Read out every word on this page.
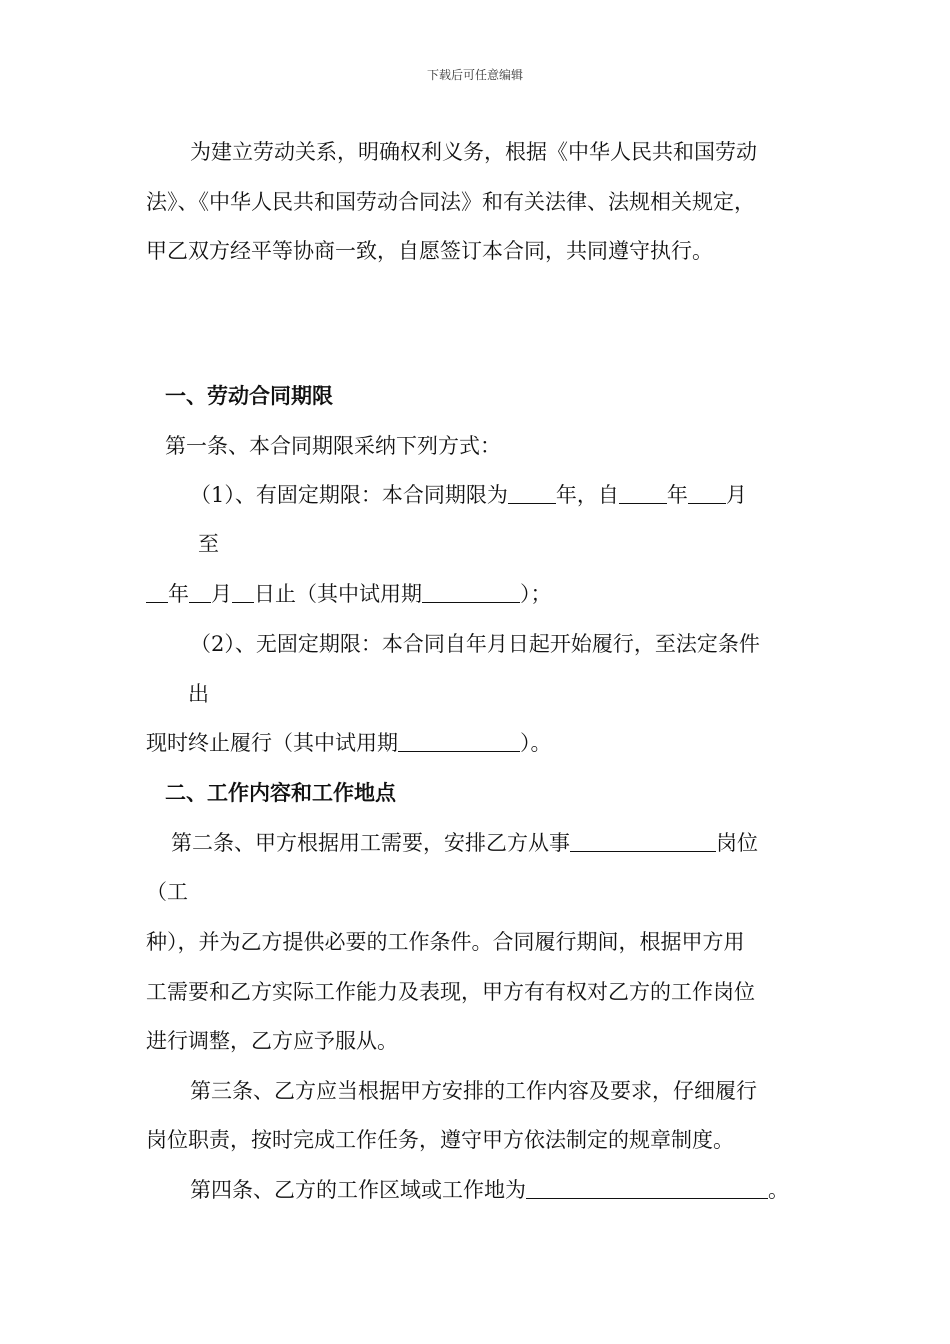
下载后可任意编辑
为建立劳动关系，明确权利义务，根据《中华人民共和国劳动
法》、《中华人民共和国劳动合同法》和有关法律、法规相关规定，
甲乙双方经平等协商一致，自愿签订本合同，共同遵守执行。
一、劳动合同期限
第一条、本合同期限采纳下列方式：
（1）、有固定期限：本合同期限为 年，自 年 月
至
年 月 日止（其中试用期	）；
（2）、无固定期限：本合同自年月日起开始履行，至法定条件
出
现时终止履行（其中试用期	）。
二、工作内容和工作地点
第二条、甲方根据用工需要，安排乙方从事	岗位
（工
种），并为乙方提供必要的工作条件。合同履行期间，根据甲方用
工需要和乙方实际工作能力及表现，甲方有有权对乙方的工作岗位
进行调整，乙方应予服从。
第三条、乙方应当根据甲方安排的工作内容及要求，仔细履行
岗位职责，按时完成工作任务，遵守甲方依法制定的规章制度。
第四条、乙方的工作区域或工作地为	。
